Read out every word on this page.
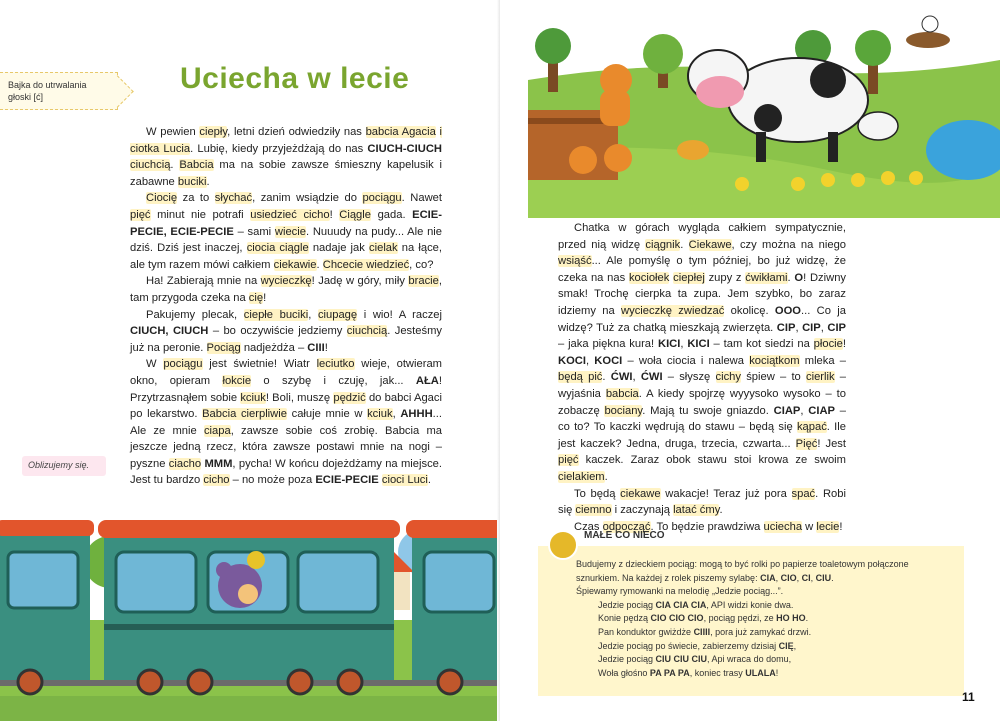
Bajka do utrwalania
głoski [ć]
Uciecha w lecie

W pewien ciepły, letni dzień odwiedziły nas babcia Agacia i ciotka Lucia. Lubię, kiedy przyjeżdżają do nas CIUCH-CIUCH ciuchcią. Babcia ma na sobie zawsze śmieszny kapelusik i zabawne buciki.

Ciocię za to słychać, zanim wsiądzie do pociągu. Nawet pięć minut nie potrafi usiedzieć cicho! Ciągle gada. ECIE-PECIE, ECIE-PECIE – sami wiecie. Nuuudy na pudy... Ale nie dziś. Dziś jest inaczej, ciocia ciągle nadaje jak cielak na łące, ale tym razem mówi całkiem ciekawie. Chcecie wiedzieć, co?

Ha! Zabierają mnie na wycieczkę! Jadę w góry, miły bracie, tam przygoda czeka na cię!

Pakujemy plecak, ciepłe buciki, ciupagę i wio! A raczej CIUCH, CIUCH – bo oczywiście jedziemy ciuchcią. Jesteśmy już na peronie. Pociąg nadjeżdża – CIII!

W pociągu jest świetnie! Wiatr leciutko wieje, otwieram okno, opieram łokcie o szybę i czuję, jak... AŁA! Przytrzasnąłem sobie kciuk! Boli, muszę pędzić do babci Agaci po lekarstwo. Babcia cierpliwie całuje mnie w kciuk, AHHH... Ale ze mnie ciapa, zawsze sobie coś zrobię. Babcia ma jeszcze jedną rzecz, która zawsze postawi mnie na nogi – pyszne ciacho MMM, pycha! W końcu dojeżdżamy na miejsce. Jest tu bardzo cicho – no może poza ECIE-PECIE cioci Luci.

Oblizujemy się.

Chatka w górach wygląda całkiem sympatycznie, przed nią widzę ciągnik. Ciekawe, czy można na niego wsiąść... Ale pomyślę o tym później, bo już widzę, że czeka na nas kociołek ciepłej zupy z ćwikłami. O! Dziwny smak! Trochę cierpka ta zupa. Jem szybko, bo zaraz idziemy na wycieczkę zwiedzać okolicę. OOO... Co ja widzę? Tuż za chatką mieszkają zwierzęta. CIP, CIP, CIP – jaka piękna kura! KICI, KICI – tam kot siedzi na płocie! KOCI, KOCI – woła ciocia i nalewa kociątkom mleka – będą pić. ĆWI, ĆWI – słyszę cichy śpiew – to cierlik – wyjaśnia babcia. A kiedy spojrzę wyyysoko wysoko – to zobaczę bociany. Mają tu swoje gniazdo. CIAP, CIAP – co to? To kaczki wędrują do stawu – będą się kąpać. Ile jest kaczek? Jedna, druga, trzecia, czwarta... Pięć! Jest pięć kaczek. Zaraz obok stawu stoi krowa ze swoim cielakiem.

To będą ciekawe wakacje! Teraz już pora spać. Robi się ciemno i zaczynają latać ćmy.

Czas odpocząć. To będzie prawdziwa uciecha w lecie!

Budujemy z dzieckiem pociąg: mogą to być rolki po papierze toaletowym połączone sznurkiem. Na każdej z rolek piszemy sylabę: CIA, CIO, CI, CIU.
Śpiewamy rymowanki na melodię „Jedzie pociąg...”.
Jedzie pociąg CIA CIA CIA, API widzi konie dwa.
Konie pędzą CIO CIO CIO, pociąg pędzi, ze HO HO.
Pan konduktor gwiżdże CIIII, pora już zamykać drzwi.
Jedzie pociąg po świecie, zabierzemy dzisiaj CIĘ,
Jedzie pociąg CIU CIU CIU, Api wraca do domu,
Woła głośno PA PA PA, koniec trasy ULALA!
MAŁE CO NIECO
11
